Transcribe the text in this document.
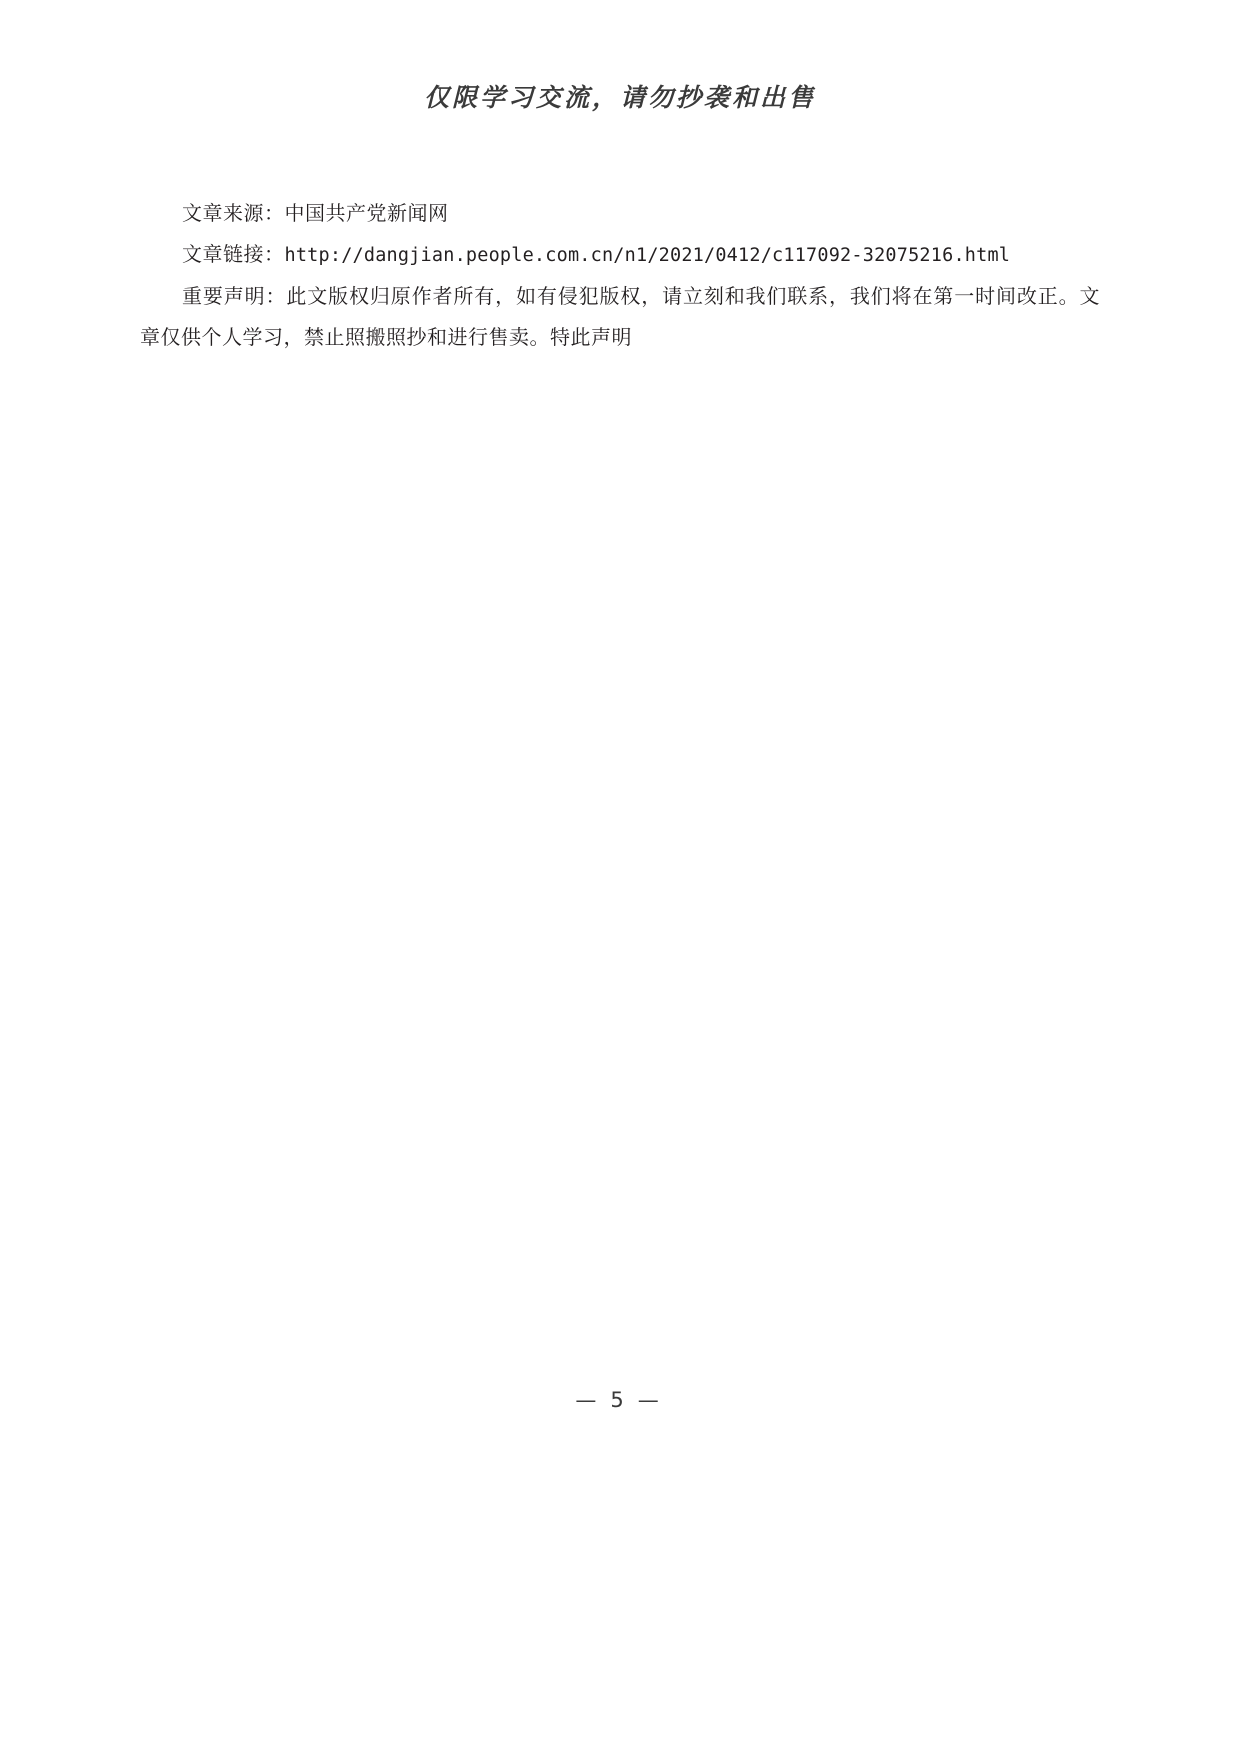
仅限学习交流，请勿抄袭和出售

文章来源：中国共产党新闻网

文章链接：http://dangjian.people.com.cn/n1/2021/0412/c117092-32075216.html

重要声明：此文版权归原作者所有，如有侵犯版权，请立刻和我们联系，我们将在第一时间改正。文章仅供个人学习，禁止照搬照抄和进行售卖。特此声明

— 5 —
